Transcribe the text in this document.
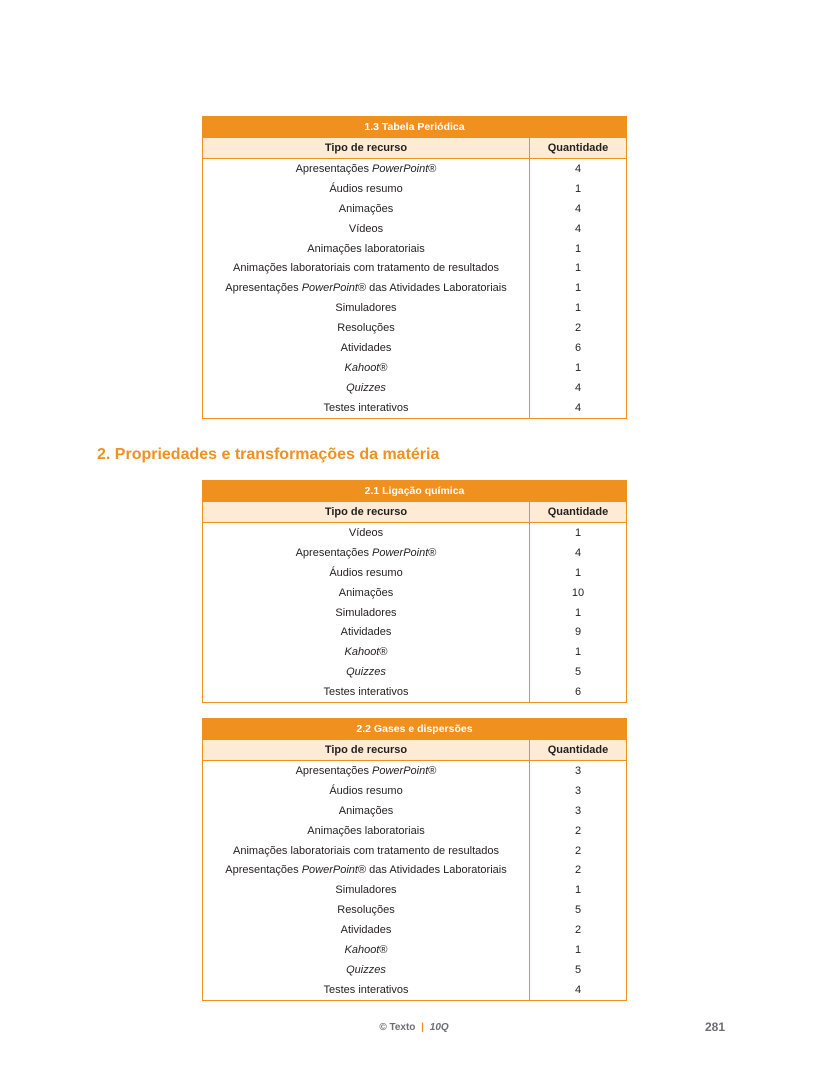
1.3 Tabela Periódica	
Tipo de recurso	Quantidade
Apresentações PowerPoint®	4
Áudios resumo	1
Animações	4
Vídeos	4
Animações laboratoriais	1
Animações laboratoriais com tratamento de resultados	1
Apresentações PowerPoint® das Atividades Laboratoriais	1
Simuladores	1
Resoluções	2
Atividades	6
Kahoot®	1
Quizzes	4
Testes interativos	4
2. Propriedades e transformações da matéria
2.1 Ligação química	
Tipo de recurso	Quantidade
Vídeos	1
Apresentações PowerPoint®	4
Áudios resumo	1
Animações	10
Simuladores	1
Atividades	9
Kahoot®	1
Quizzes	5
Testes interativos	6
2.2 Gases e dispersões	
Tipo de recurso	Quantidade
Apresentações PowerPoint®	3
Áudios resumo	3
Animações	3
Animações laboratoriais	2
Animações laboratoriais com tratamento de resultados	2
Apresentações PowerPoint® das Atividades Laboratoriais	2
Simuladores	1
Resoluções	5
Atividades	2
Kahoot®	1
Quizzes	5
Testes interativos	4
© Texto | 10Q	281
